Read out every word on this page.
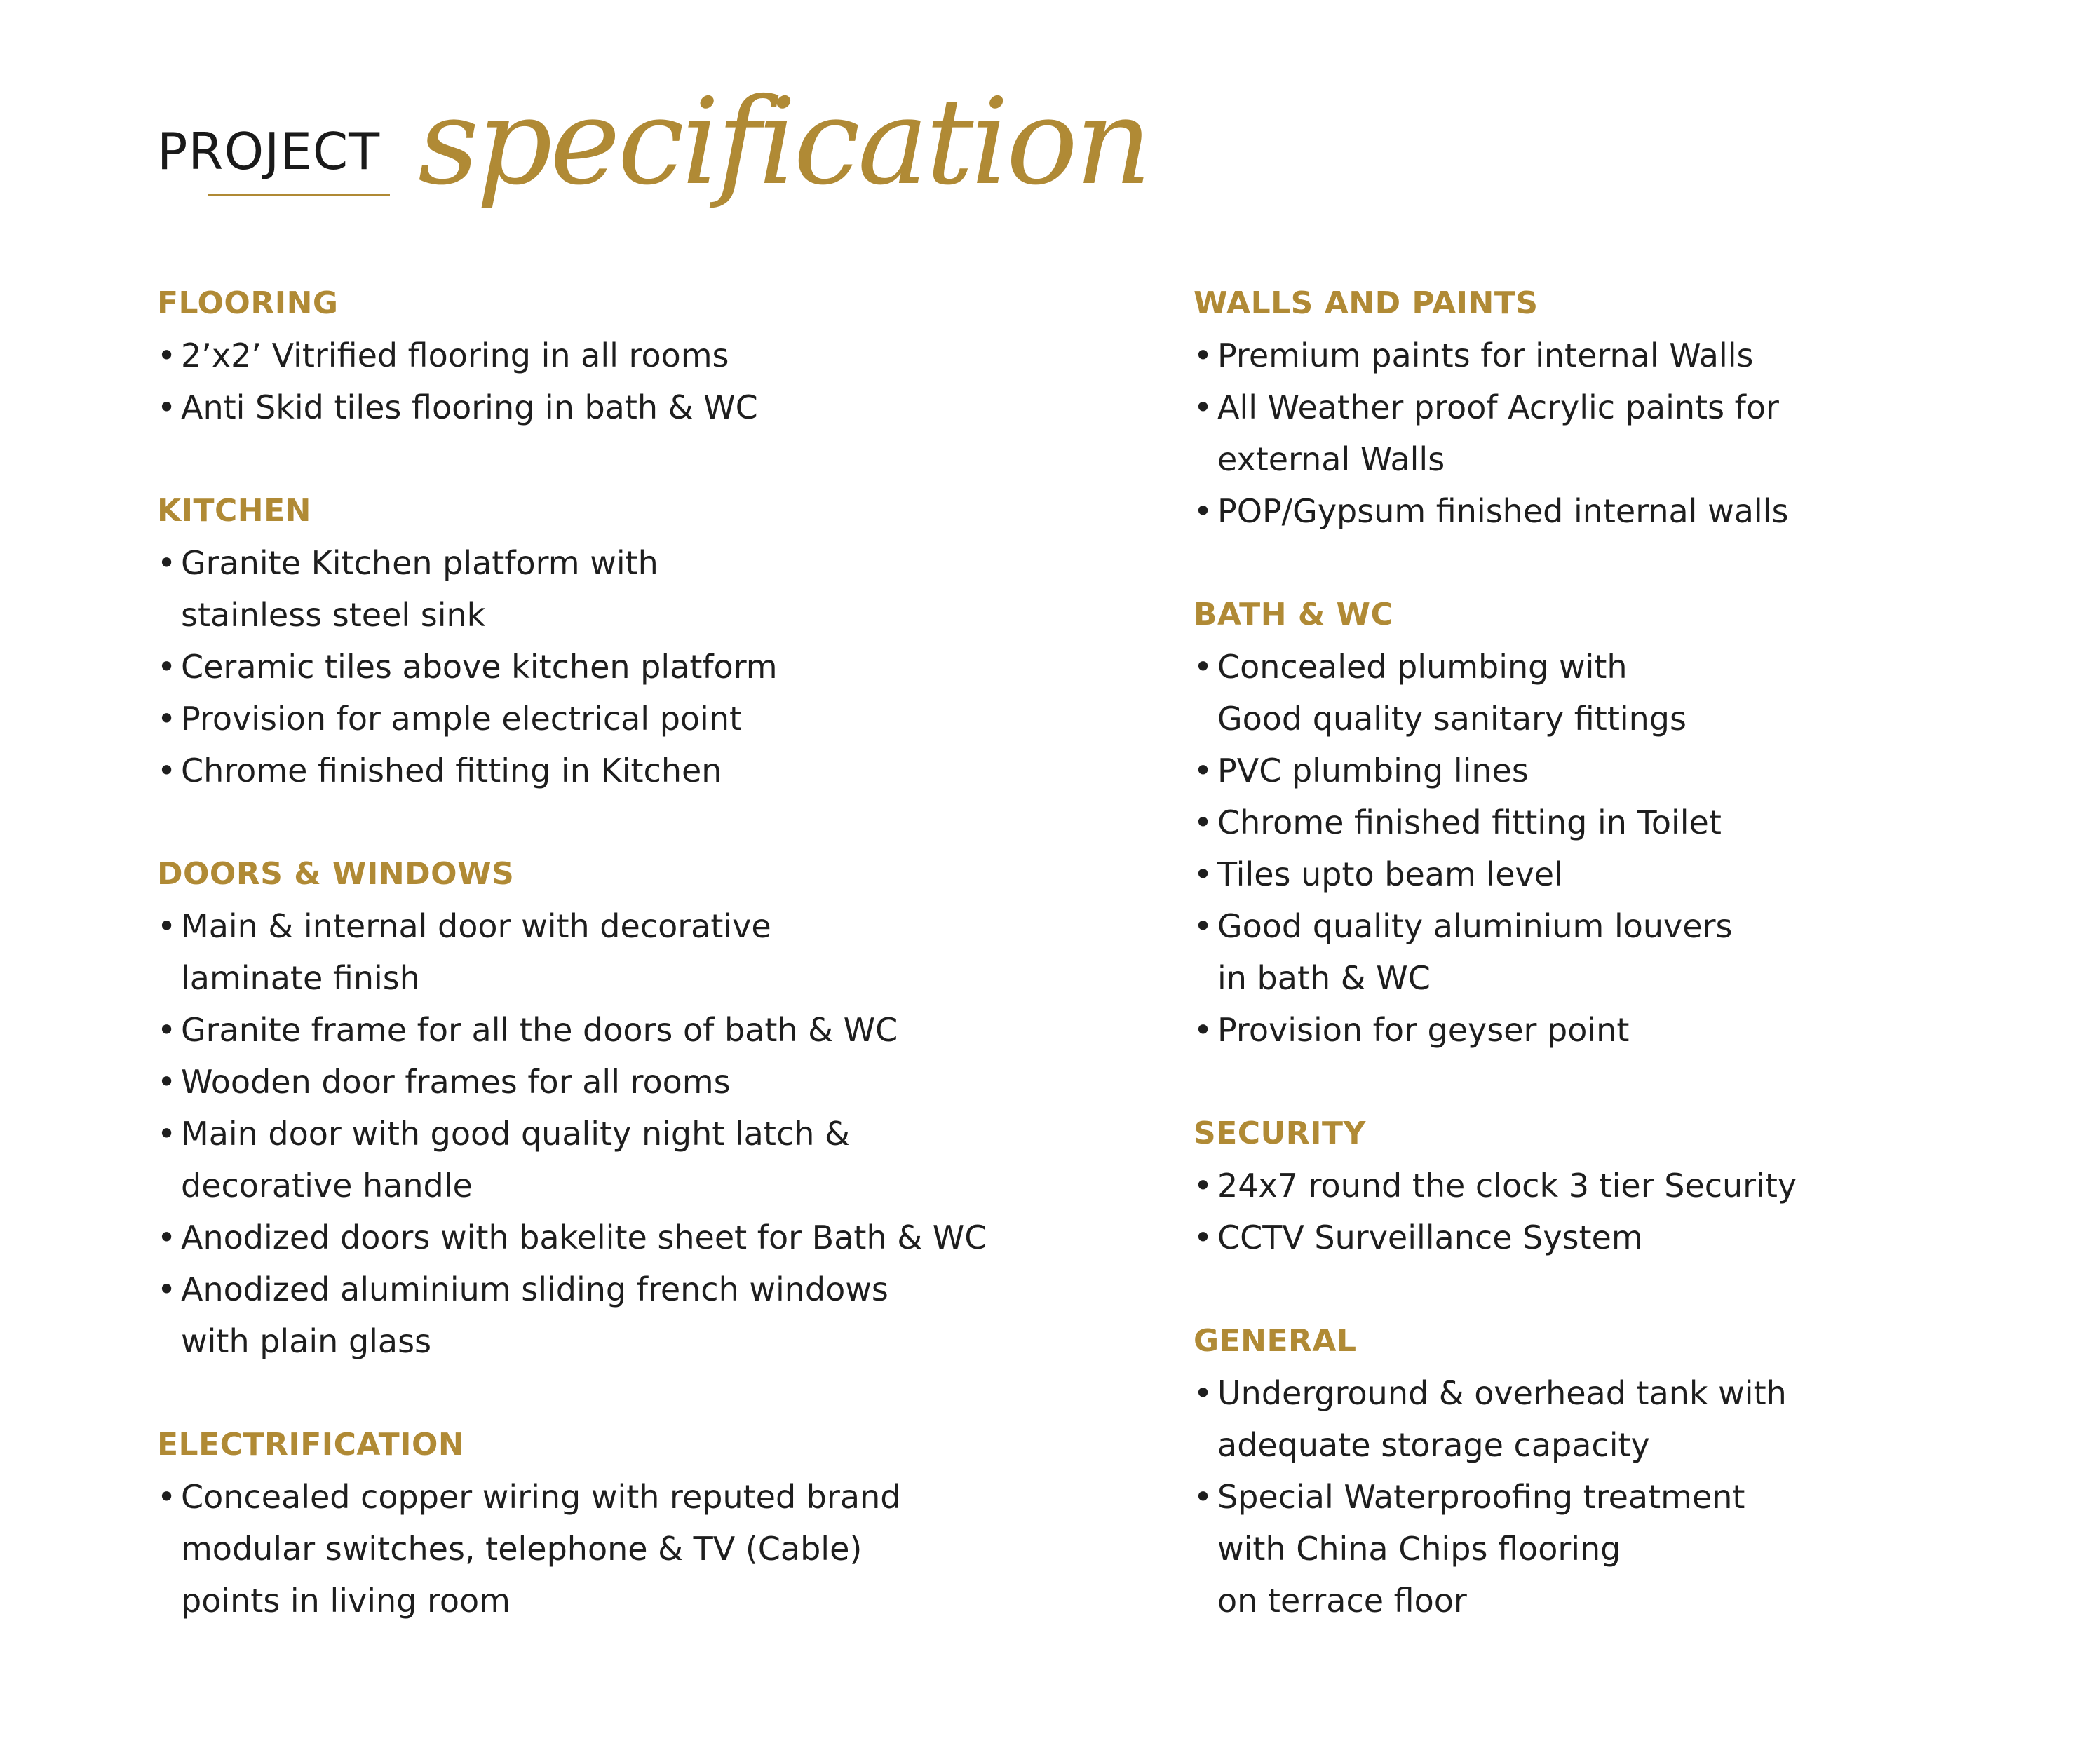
PROJECT specification
FLOORING
• 2’x2’ Vitrified flooring in all rooms
• Anti Skid tiles flooring in bath & WC
KITCHEN
• Granite Kitchen platform with
stainless steel sink
• Ceramic tiles above kitchen platform
• Provision for ample electrical point
• Chrome finished fitting in Kitchen
DOORS & WINDOWS
• Main & internal door with decorative
laminate finish
• Granite frame for all the doors of bath & WC
• Wooden door frames for all rooms
• Main door with good quality night latch &
decorative handle
• Anodized doors with bakelite sheet for Bath & WC
• Anodized aluminium sliding french windows
with plain glass
ELECTRIFICATION
• Concealed copper wiring with reputed brand
modular switches, telephone & TV (Cable)
points in living room
WALLS AND PAINTS
• Premium paints for internal Walls
• All Weather proof Acrylic paints for
external Walls
• POP/Gypsum finished internal walls
BATH & WC
• Concealed plumbing with
Good quality sanitary fittings
• PVC plumbing lines
• Chrome finished fitting in Toilet
• Tiles upto beam level
• Good quality aluminium louvers
in bath & WC
• Provision for geyser point
SECURITY
• 24x7 round the clock 3 tier Security
• CCTV Surveillance System
GENERAL
• Underground & overhead tank with
adequate storage capacity
• Special Waterproofing treatment
with China Chips flooring
on terrace floor
